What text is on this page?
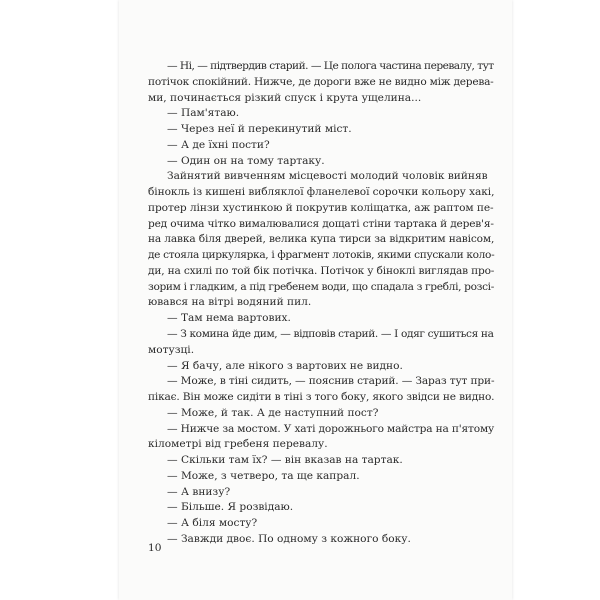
— Ні, — підтвердив старий. — Це полога частина перевалу, тут
потічок спокійний. Нижче, де дороги вже не видно між дерева-
ми, починається різкий спуск і крута ущелина...
— Пам'ятаю.
— Через неї й перекинутий міст.
— А де їхні пости?
— Один он на тому тартаку.
Зайнятий вивченням місцевості молодий чоловік вийняв
бінокль із кишені вибляклої фланелевої сорочки кольору хакі,
протер лінзи хустинкою й покрутив коліщатка, аж раптом пе-
ред очима чітко вималювалися дощаті стіни тартака й дерев'я-
на лавка біля дверей, велика купа тирси за відкритим навісом,
де стояла циркулярка, і фрагмент лотоків, якими спускали коло-
ди, на схилі по той бік потічка. Потічок у біноклі виглядав про-
зорим і гладким, а під гребенем води, що спадала з греблі, розсі-
ювався на вітрі водяний пил.
— Там нема вартових.
— З комина йде дим, — відповів старий. — І одяг сушиться на
мотузці.
— Я бачу, але нікого з вартових не видно.
— Може, в тіні сидить, — пояснив старий. — Зараз тут при-
пікає. Він може сидіти в тіні з того боку, якого звідси не видно.
— Може, й так. А де наступний пост?
— Нижче за мостом. У хаті дорожнього майстра на п'ятому
кілометрі від гребеня перевалу.
— Скільки там їх? — він вказав на тартак.
— Може, з четверо, та ще капрал.
— А внизу?
— Більше. Я розвідаю.
— А біля мосту?
— Завжди двоє. По одному з кожного боку.
10
